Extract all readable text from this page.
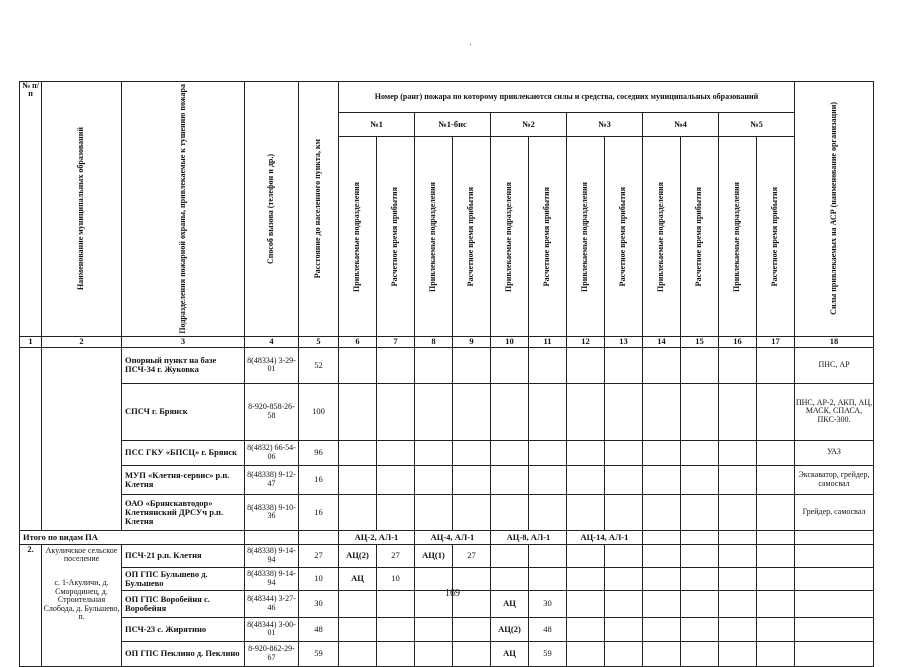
№ п/п	Наименование муниципальных образований	Подразделения пожарной охраны, привлекаемые к тушению пожара	Способ вызова (телефон и др.)	Расстояние до населенного пункта, км	Номер (ранг) пожара по которому привлекаются силы и средства, соседних муниципальных образований												Силы привлекаемых на АСР (наименование организации)

					№1		№1-бис		№2		№3		№4		№5		

					Привлекаемые подразделения	Расчетное время прибытия	Привлекаемые подразделения	Расчетное время прибытия	Привлекаемые подразделения	Расчетное время прибытия	Привлекаемые подразделения	Расчетное время прибытия	Привлекаемые подразделения	Расчетное время прибытия	Привлекаемые подразделения	Расчетное время прибытия	

1	2	3	4	5	6	7	8	9	10	11	12	13	14	15	16	17	18
		Опорный пункт на базе ПСЧ-34 г. Жуковка	8(48334) 3-29-01	52													ПНС, АР
		СПСЧ г. Брянск	8-920-858-26-58	100													ПНС, АР-2, АКП, АЦ, МАСК, СПАСА, ПКС-300.
		ПСС ГКУ «БПСЦ» г. Брянск	8(4832) 66-54-06	96													УАЗ
		МУП «Клетня-сервис» р.п. Клетня	8(48338) 9-12-47	16													Экскаватор, грейдер, самосвал
		ОАО «Брянскавтодор» Клетнянский ДРСУч р.п. Клетня	8(48338) 9-10-36	16													Грейдер, самосвал
Итого по видам ПА					АЦ-2, АЛ-1		АЦ-4, АЛ-1		АЦ-8, АЛ-1		АЦ-14, АЛ-1						
2.	Акуличское сельское поселение
с. 1-Акуличи, д. Смородинец, д. Строительная Слобода, д. Бульшево, п.	ПСЧ-21 р.п. Клетня	8(48338) 9-14-94	27	АЦ(2)	27	АЦ(1)	27									
		ОП ГПС Бульшево д. Бульшево	8(48338) 9-14-94	10	АЦ	10											
		ОП ГПС Воробейня с. Воробейня	8(48344) 3-27-46	30					АЦ	30							
		ПСЧ-23 с. Жирятино	8(48344) 3-00-01	48					АЦ(2)	48							
		ОП ГПС Пеклино д. Пеклино	8-920-862-29-67	59					АЦ	59							
169
